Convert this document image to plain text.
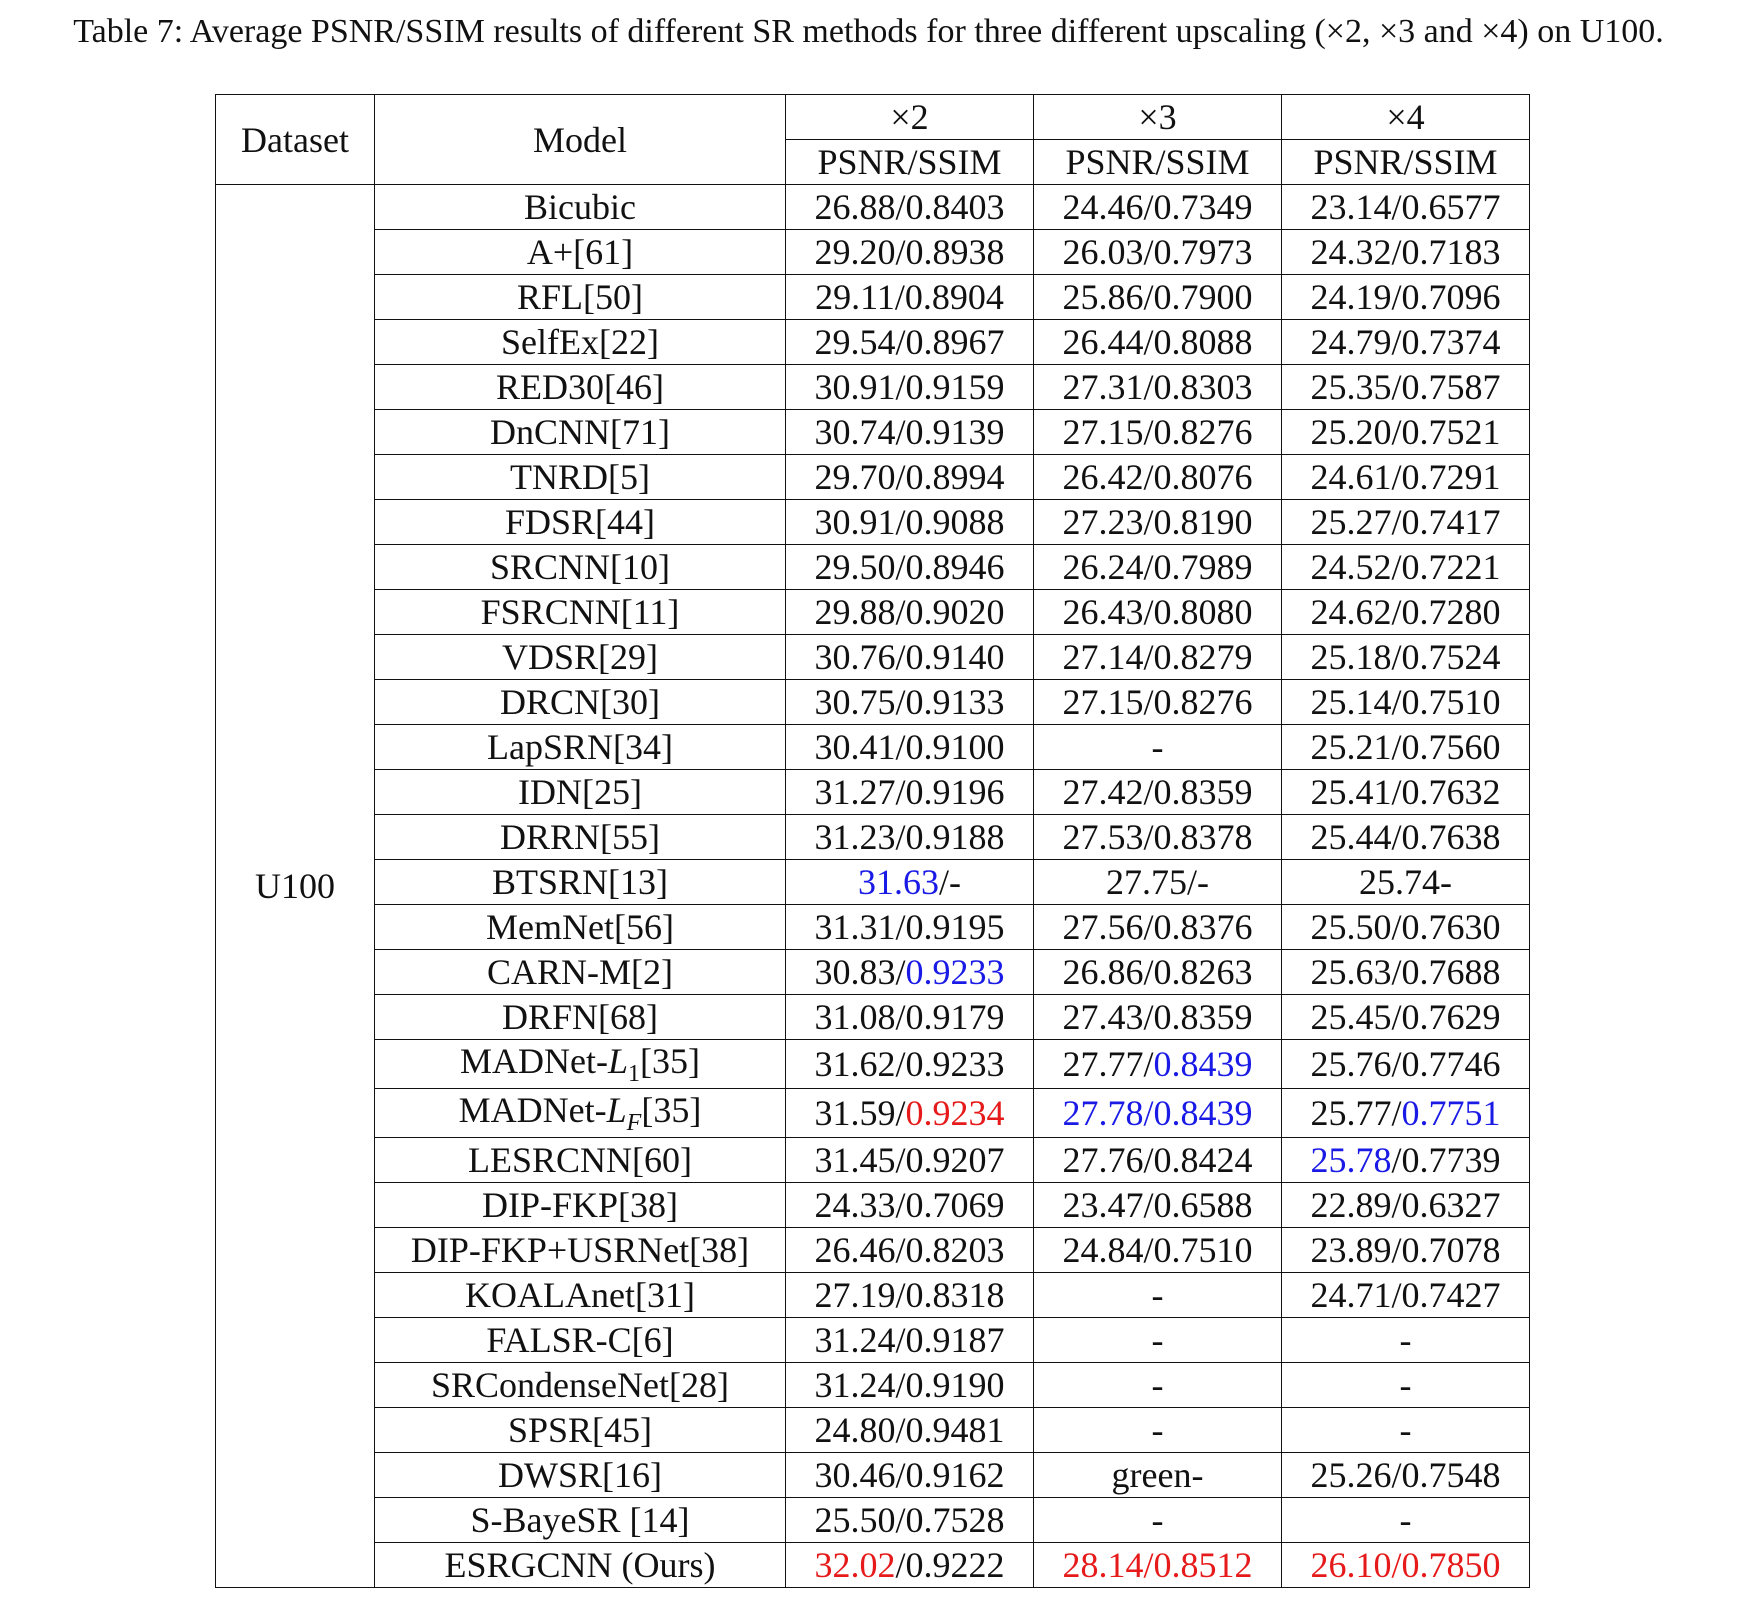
Table 7: Average PSNR/SSIM results of different SR methods for three different upscaling (×2, ×3 and ×4) on U100.
Dataset	Model	×2	×3	×4
		PSNR/SSIM	PSNR/SSIM	PSNR/SSIM
U100	Bicubic	26.88/0.8403	24.46/0.7349	23.14/0.6577
	A+[61]	29.20/0.8938	26.03/0.7973	24.32/0.7183
	RFL[50]	29.11/0.8904	25.86/0.7900	24.19/0.7096
	SelfEx[22]	29.54/0.8967	26.44/0.8088	24.79/0.7374
	RED30[46]	30.91/0.9159	27.31/0.8303	25.35/0.7587
	DnCNN[71]	30.74/0.9139	27.15/0.8276	25.20/0.7521
	TNRD[5]	29.70/0.8994	26.42/0.8076	24.61/0.7291
	FDSR[44]	30.91/0.9088	27.23/0.8190	25.27/0.7417
	SRCNN[10]	29.50/0.8946	26.24/0.7989	24.52/0.7221
	FSRCNN[11]	29.88/0.9020	26.43/0.8080	24.62/0.7280
	VDSR[29]	30.76/0.9140	27.14/0.8279	25.18/0.7524
	DRCN[30]	30.75/0.9133	27.15/0.8276	25.14/0.7510
	LapSRN[34]	30.41/0.9100	-	25.21/0.7560
	IDN[25]	31.27/0.9196	27.42/0.8359	25.41/0.7632
	DRRN[55]	31.23/0.9188	27.53/0.8378	25.44/0.7638
	BTSRN[13]	31.63/-	27.75/-	25.74-
	MemNet[56]	31.31/0.9195	27.56/0.8376	25.50/0.7630
	CARN-M[2]	30.83/0.9233	26.86/0.8263	25.63/0.7688
	DRFN[68]	31.08/0.9179	27.43/0.8359	25.45/0.7629
	MADNet-$L_1[35]$	31.62/0.9233	27.77/0.8439	25.76/0.7746
	MADNet-$L_F[35]$	31.59/0.9234	27.78/0.8439	25.77/0.7751
	LESRCNN[60]	31.45/0.9207	27.76/0.8424	25.78/0.7739
	DIP-FKP[38]	24.33/0.7069	23.47/0.6588	22.89/0.6327
	DIP-FKP+USRNet[38]	26.46/0.8203	24.84/0.7510	23.89/0.7078
	KOALAnet[31]	27.19/0.8318	-	24.71/0.7427
	FALSR-C[6]	31.24/0.9187	-	-
	SRCondenseNet[28]	31.24/0.9190	-	-
	SPSR[45]	24.80/0.9481	-	-
	DWSR[16]	30.46/0.9162	green-	25.26/0.7548
	S-BayeSR [14]	25.50/0.7528	-	-
	ESRGCNN (Ours)	32.02/0.9222	28.14/0.8512	26.10/0.7850
